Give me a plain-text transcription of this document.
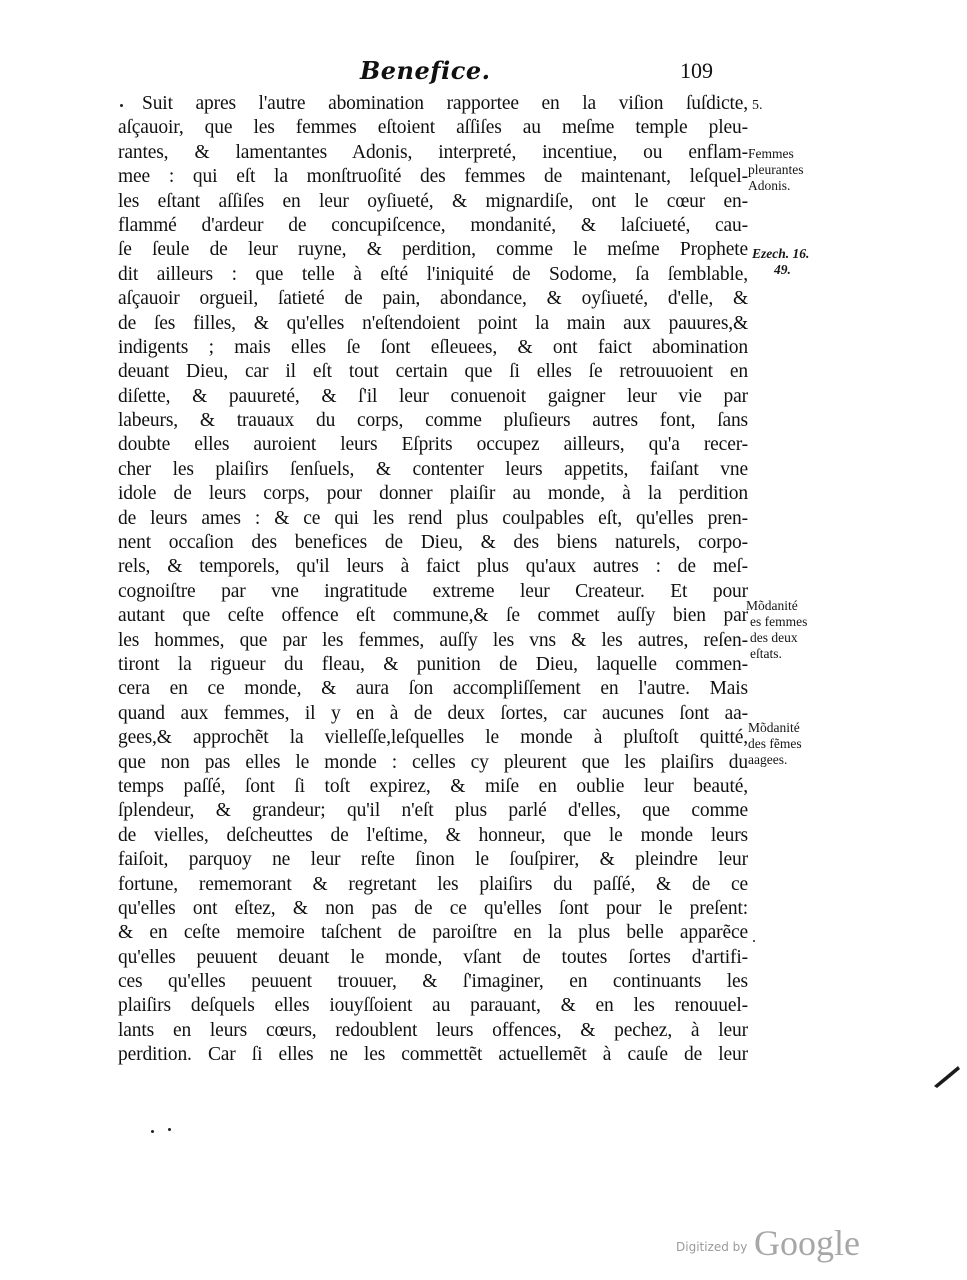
Benefice.	109
Suit apres l'autre abomination rapportee en la viſion ſuſdicte,
aſçauoir, que les femmes eſtoient aſſiſes au meſme temple pleu-
rantes, & lamentantes Adonis, interpreté, incentiue, ou enflam-
mee : qui eſt la monſtruoſité des femmes de maintenant, leſquel-
les eſtant aſſiſes en leur oyſiueté, & mignardiſe, ont le cœur en-
flammé d'ardeur de concupiſcence, mondanité, & laſciueté, cau-
ſe ſeule de leur ruyne, & perdition, comme le meſme Prophete
dit ailleurs : que telle à eſté l'iniquité de Sodome, ſa ſemblable,
aſçauoir orgueil, ſatieté de pain, abondance, & oyſiueté, d'elle, &
de ſes filles, & qu'elles n'eſtendoient point la main aux pauures,&
indigents ; mais elles ſe ſont eſleuees, & ont faict abomination
deuant Dieu, car il eſt tout certain que ſi elles ſe retrouuoient en
diſette, & pauureté, & ſ'il leur conuenoit gaigner leur vie par
labeurs, & trauaux du corps, comme pluſieurs autres font, ſans
doubte elles auroient leurs Eſprits occupez ailleurs, qu'a recer-
cher les plaiſirs ſenſuels, & contenter leurs appetits, faiſant vne
idole de leurs corps, pour donner plaiſir au monde, à la perdition
de leurs ames : & ce qui les rend plus coulpables eſt, qu'elles pren-
nent occaſion des benefices de Dieu, & des biens naturels, corpo-
rels, & temporels, qu'il leurs à faict plus qu'aux autres : de meſ-
cognoiſtre par vne ingratitude extreme leur Createur. Et pour
autant que ceſte offence eſt commune,& ſe commet auſſy bien par
les hommes, que par les femmes, auſſy les vns & les autres, reſen-
tiront la rigueur du fleau, & punition de Dieu, laquelle commen-
cera en ce monde, & aura ſon accompliſſement en l'autre. Mais
quand aux femmes, il y en à de deux ſortes, car aucunes ſont aa-
gees,& approchẽt la vielleſſe,leſquelles le monde à pluſtoſt quitté,
que non pas elles le monde : celles cy pleurent que les plaiſirs du
temps paſſé, ſont ſi toſt expirez, & miſe en oublie leur beauté,
ſplendeur, & grandeur; qu'il n'eſt plus parlé d'elles, que comme
de vielles, deſcheuttes de l'eſtime, & honneur, que le monde leurs
faiſoit, parquoy ne leur reſte ſinon le ſouſpirer, & pleindre leur
fortune, rememorant & regretant les plaiſirs du paſſé, & de ce
qu'elles ont eſtez, & non pas de ce qu'elles ſont pour le preſent:
& en ceſte memoire taſchent de paroiſtre en la plus belle apparẽce
qu'elles peuuent deuant le monde, vſant de toutes ſortes d'artifi-
ces qu'elles peuuent trouuer, & ſ'imaginer, en continuants les
plaiſirs deſquels elles iouyſſoient au parauant, & en les renouuel-
lants en leurs cœurs, redoublent leurs offences, & pechez, à leur
perdition. Car ſi elles ne les commettẽt actuellemẽt à cauſe de leur
5.
Femmes
pleurantes
Adonis.
Ezech. 16.
49.
Mõdanité
es femmes
des deux
eſtats.
Mõdanité
des fẽmes
aagees.
Digitized by Google
